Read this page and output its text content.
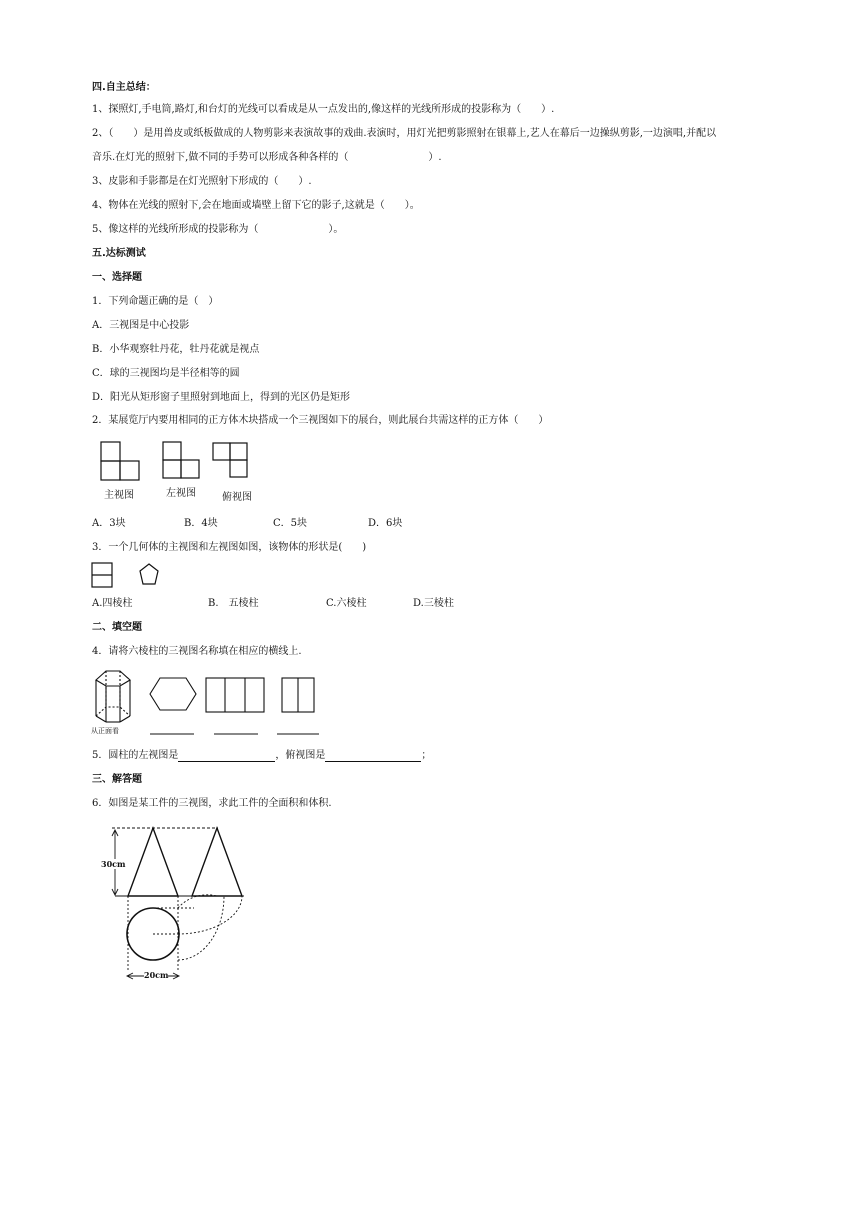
四.自主总结：
1、探照灯,手电筒,路灯,和台灯的光线可以看成是从一点发出的,像这样的光线所形成的投影称为（　　）.
2、（　　）是用兽皮或纸板做成的人物剪影来表演故事的戏曲.表演时，用灯光把剪影照射在银幕上,艺人在幕后一边操纵剪影,一边演唱,并配以
音乐.在灯光的照射下,做不同的手势可以形成各种各样的（　　　　　　　　）.
3、皮影和手影都是在灯光照射下形成的（　　）.
4、物体在光线的照射下,会在地面或墙壁上留下它的影子,这就是（　　）。
5、像这样的光线所形成的投影称为（　　　　　　　）。
五.达标测试
一、选择题
1．下列命题正确的是（　）
A．三视图是中心投影
B．小华观察牡丹花，牡丹花就是视点
C．球的三视图均是半径相等的圆
D．阳光从矩形窗子里照射到地面上，得到的光区仍是矩形
2．某展览厅内要用相同的正方体木块搭成一个三视图如下的展台，则此展台共需这样的正方体（　　）
主视图	左视图	俯视图
A．3块	B．4块	C．5块	D．6块
3．一个几何体的主视图和左视图如图，该物体的形状是(　　)
A.四棱柱	B.　五棱柱	C.六棱柱	D.三棱柱
二、填空题
4．请将六棱柱的三视图名称填在相应的横线上.
从正面看
5．圆柱的左视图是	，俯视图是	；
三、解答题
6．如图是某工件的三视图，求此工件的全面积和体积.
30cm
20cm
